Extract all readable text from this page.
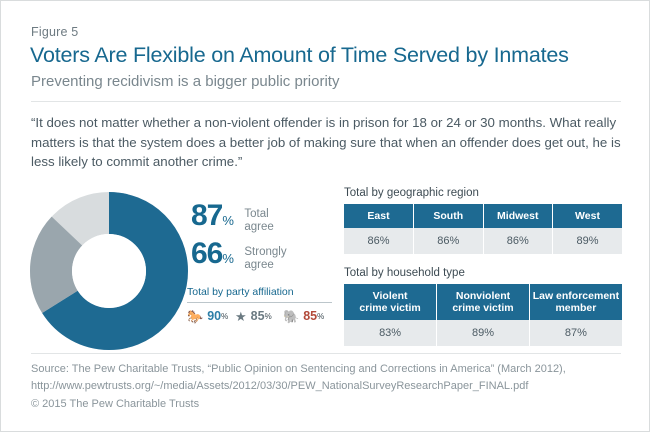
Figure 5
Voters Are Flexible on Amount of Time Served by Inmates
Preventing recidivism is a bigger public priority
“It does not matter whether a non-violent offender is in prison for 18 or 24 or 30 months. What really matters is that the system does a better job of making sure that when an offender does get out, he is less likely to commit another crime.”
87% Total
agree
66% Strongly
agree
Total by party affiliation
🐎 90 % ★ 85 % 🐘 85 %
Total by geographic region
East	South	Midwest	West
86%	86%	86%	89%
Total by household type
Violent
crime victim	Nonviolent
crime victim	Law enforcement
member
83%	89%	87%
Source: The Pew Charitable Trusts, “Public Opinion on Sentencing and Corrections in America” (March 2012), http://www.pewtrusts.org/~/media/Assets/2012/03/30/PEW_NationalSurveyResearchPaper_FINAL.pdf
© 2015 The Pew Charitable Trusts
